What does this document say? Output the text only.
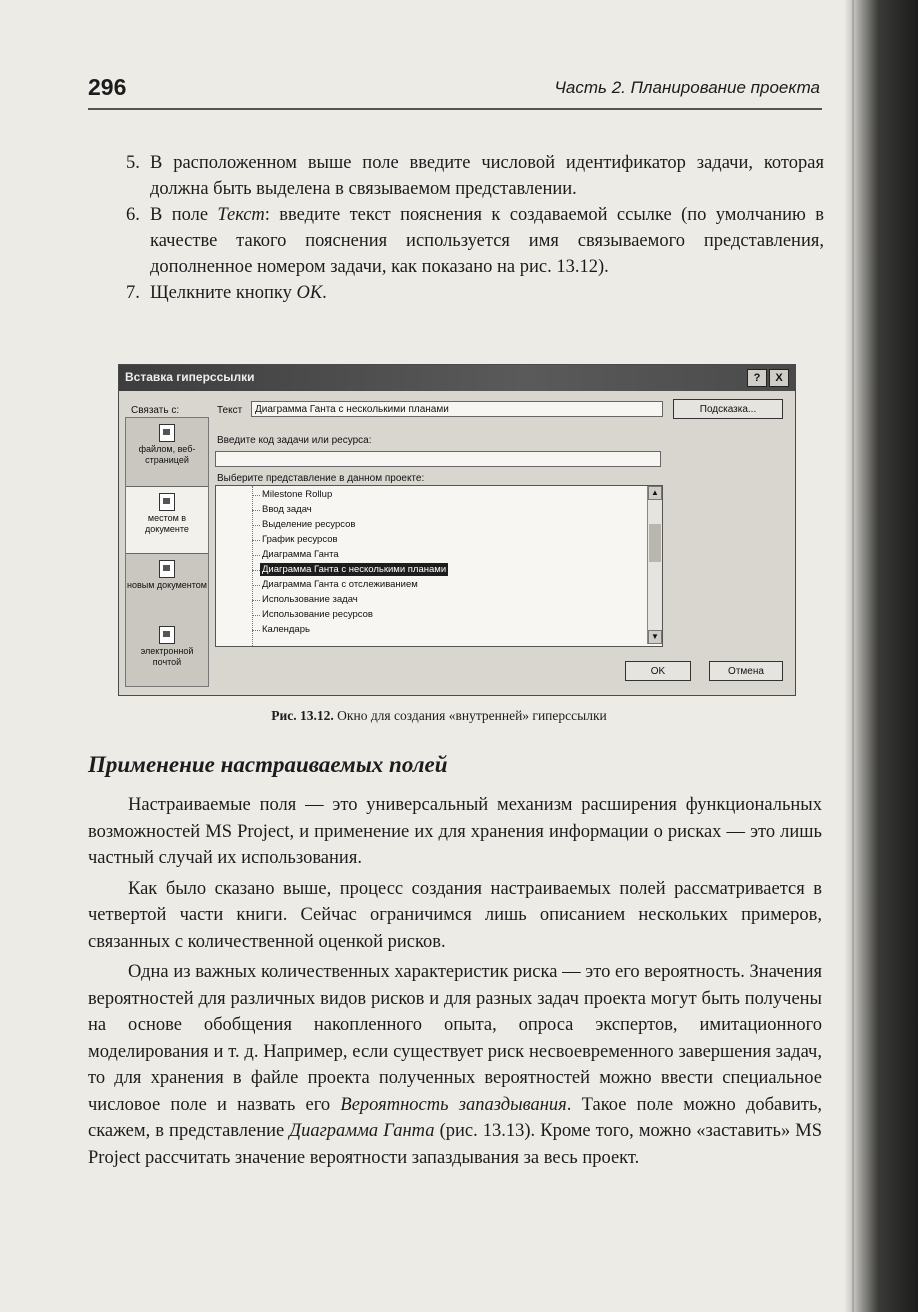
296	Часть 2. Планирование проекта
5. В расположенном выше поле введите числовой идентификатор задачи, которая должна быть выделена в связываемом представлении.
6. В поле Текст: введите текст пояснения к создаваемой ссылке (по умолчанию в качестве такого пояснения используется имя связываемого представления, дополненное номером задачи, как показано на рис. 13.12).
7. Щелкните кнопку OK.
Вставка гиперссылки	?	X
Связать с:	Текст	Диаграмма Ганта с несколькими планами	Подсказка...
файлом, веб-страницей
местом в документе
новым документом
электронной почтой
Введите код задачи или ресурса:
Выберите представление в данном проекте:
Milestone Rollup
Ввод задач
Выделение ресурсов
График ресурсов
Диаграмма Ганта
Диаграмма Ганта с несколькими планами
Диаграмма Ганта с отслеживанием
Использование задач
Использование ресурсов
Календарь
▲
▼
OK	Отмена
Рис. 13.12. Окно для создания «внутренней» гиперссылки
Применение настраиваемых полей

Настраиваемые поля — это универсальный механизм расширения функциональных возможностей MS Project, и применение их для хранения информации о рисках — это лишь частный случай их использования.

Как было сказано выше, процесс создания настраиваемых полей рассматривается в четвертой части книги. Сейчас ограничимся лишь описанием нескольких примеров, связанных с количественной оценкой рисков.

Одна из важных количественных характеристик риска — это его вероятность. Значения вероятностей для различных видов рисков и для разных задач проекта могут быть получены на основе обобщения накопленного опыта, опроса экспертов, имитационного моделирования и т. д. Например, если существует риск несвоевременного завершения задач, то для хранения в файле проекта полученных вероятностей можно ввести специальное числовое поле и назвать его Вероятность запаздывания. Такое поле можно добавить, скажем, в представление Диаграмма Ганта (рис. 13.13). Кроме того, можно «заставить» MS Project рассчитать значение вероятности запаздывания за весь проект.
